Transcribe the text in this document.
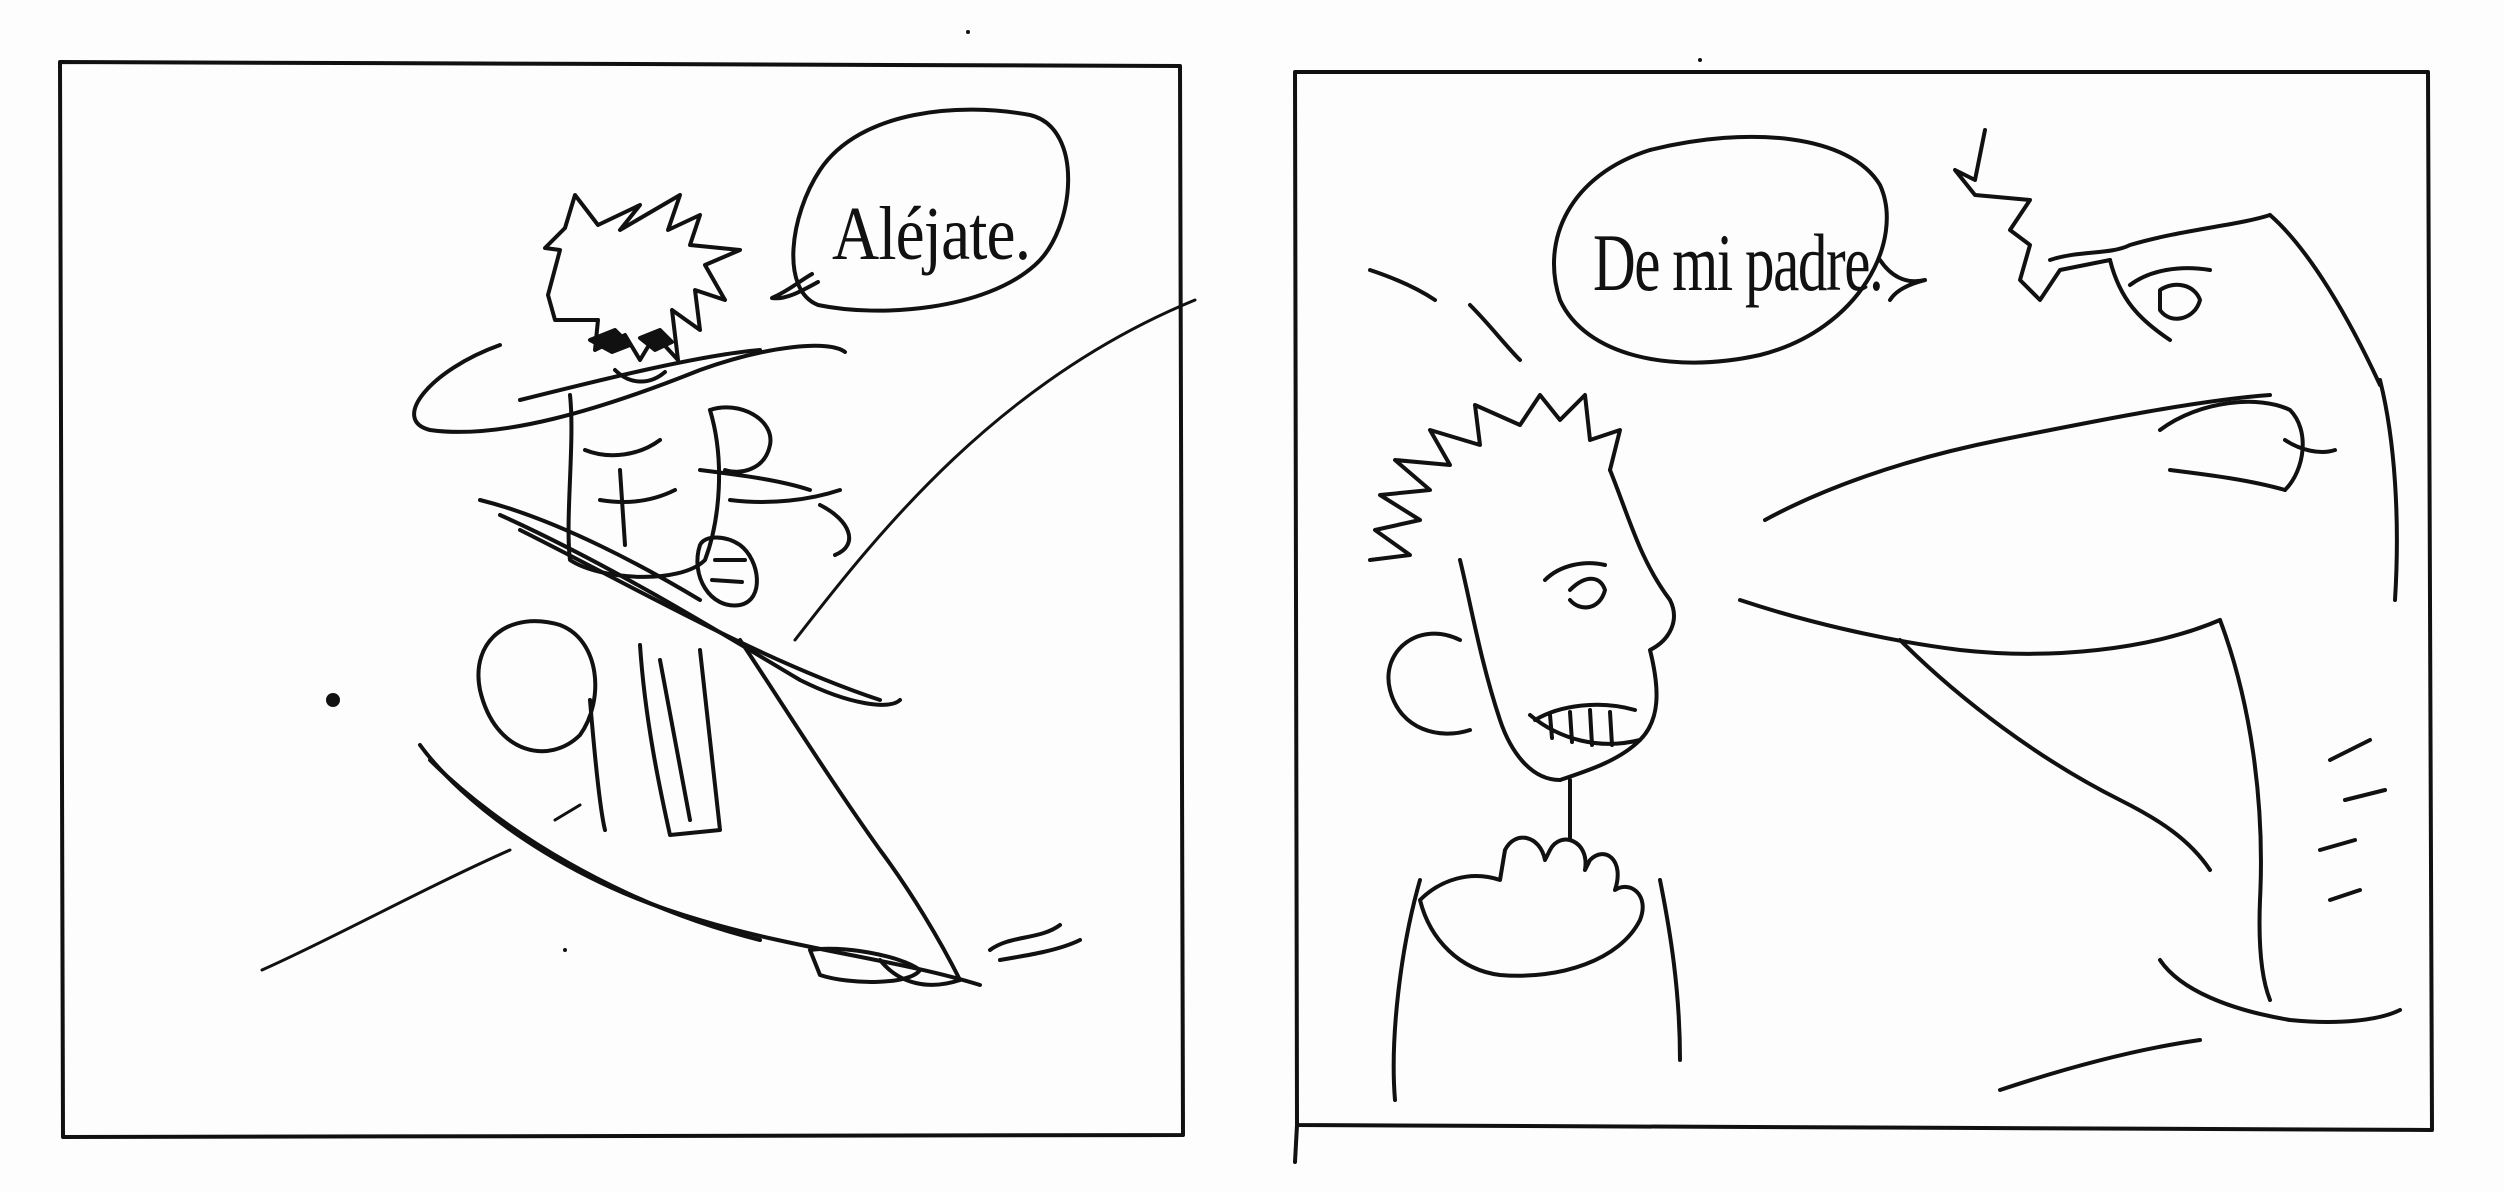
Aléjate.	De mi padre.
